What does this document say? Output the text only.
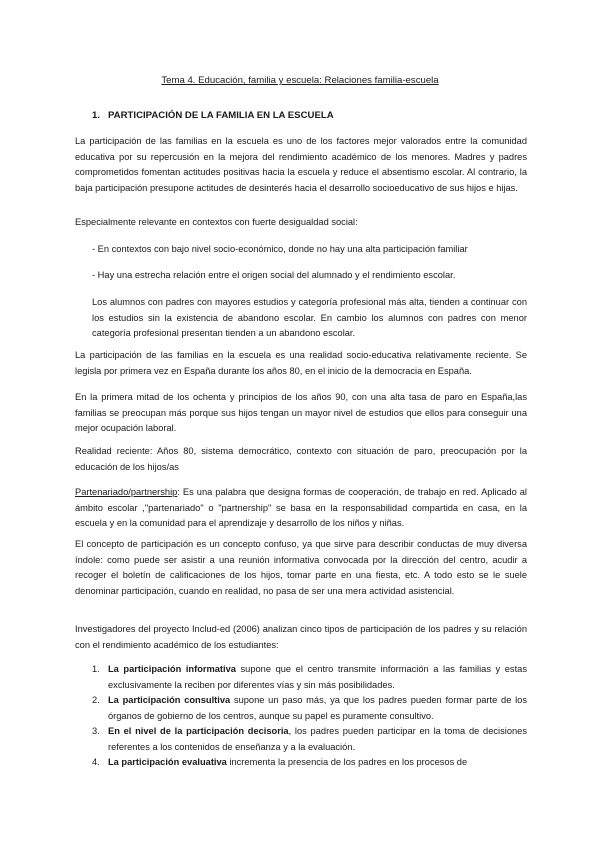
Tema 4. Educación, familia y escuela: Relaciones familia-escuela
1. PARTICIPACIÓN DE LA FAMILIA EN LA ESCUELA

La participación de las familias en la escuela es uno de los factores mejor valorados entre la comunidad educativa por su repercusión en la mejora del rendimiento académico de los menores. Madres y padres comprometidos fomentan actitudes positivas hacia la escuela y reduce el absentismo escolar. Al contrario, la baja participación presupone actitudes de desinterés hacia el desarrollo socioeducativo de sus hijos e hijas.

Especialmente relevante en contextos con fuerte desigualdad social:

- En contextos con bajo nivel socio-económico, donde no hay una alta participación familiar

- Hay una estrecha relación entre el origen social del alumnado y el rendimiento escolar.

Los alumnos con padres con mayores estudios y categoría profesional más alta, tienden a continuar con los estudios sin la existencia de abandono escolar. En cambio los alumnos con padres con menor categoría profesional presentan tienden a un abandono escolar.

La participación de las familias en la escuela es una realidad socio-educativa relativamente reciente. Se legisla por primera vez en España durante los años 80, en el inicio de la democracia en España.

En la primera mitad de los ochenta y principios de los años 90, con una alta tasa de paro en España,las familias se preocupan más porque sus hijos tengan un mayor nivel de estudios que ellos para conseguir una mejor ocupación laboral.

Realidad reciente: Años 80, sistema democrático, contexto con situación de paro, preocupación por la educación de los hijos/as

Partenariado/partnership: Es una palabra que designa formas de cooperación, de trabajo en red. Aplicado al ámbito escolar ,"partenariado" o "partnership" se basa en la responsabilidad compartida en casa, en la escuela y en la comunidad para el aprendizaje y desarrollo de los niños y niñas.

El concepto de participación es un concepto confuso, ya que sirve para describir conductas de muy diversa índole: como puede ser asistir a una reunión informativa convocada por la dirección del centro, acudir a recoger el boletín de calificaciones de los hijos, tomar parte en una fiesta, etc. A todo esto se le suele denominar participación, cuando en realidad, no pasa de ser una mera actividad asistencial.

Investigadores del proyecto Includ-ed (2006) analizan cinco tipos de participación de los padres y su relación con el rendimiento académico de los estudiantes:

1. La participación informativa supone que el centro transmite información a las familias y estas exclusivamente la reciben por diferentes vías y sin más posibilidades.
2. La participación consultiva supone un paso más, ya que los padres pueden formar parte de los órganos de gobierno de los centros, aunque su papel es puramente consultivo.
3. En el nivel de la participación decisoria, los padres pueden participar en la toma de decisiones referentes a los contenidos de enseñanza y a la evaluación.
4. La participación evaluativa incrementa la presencia de los padres en los procesos de
